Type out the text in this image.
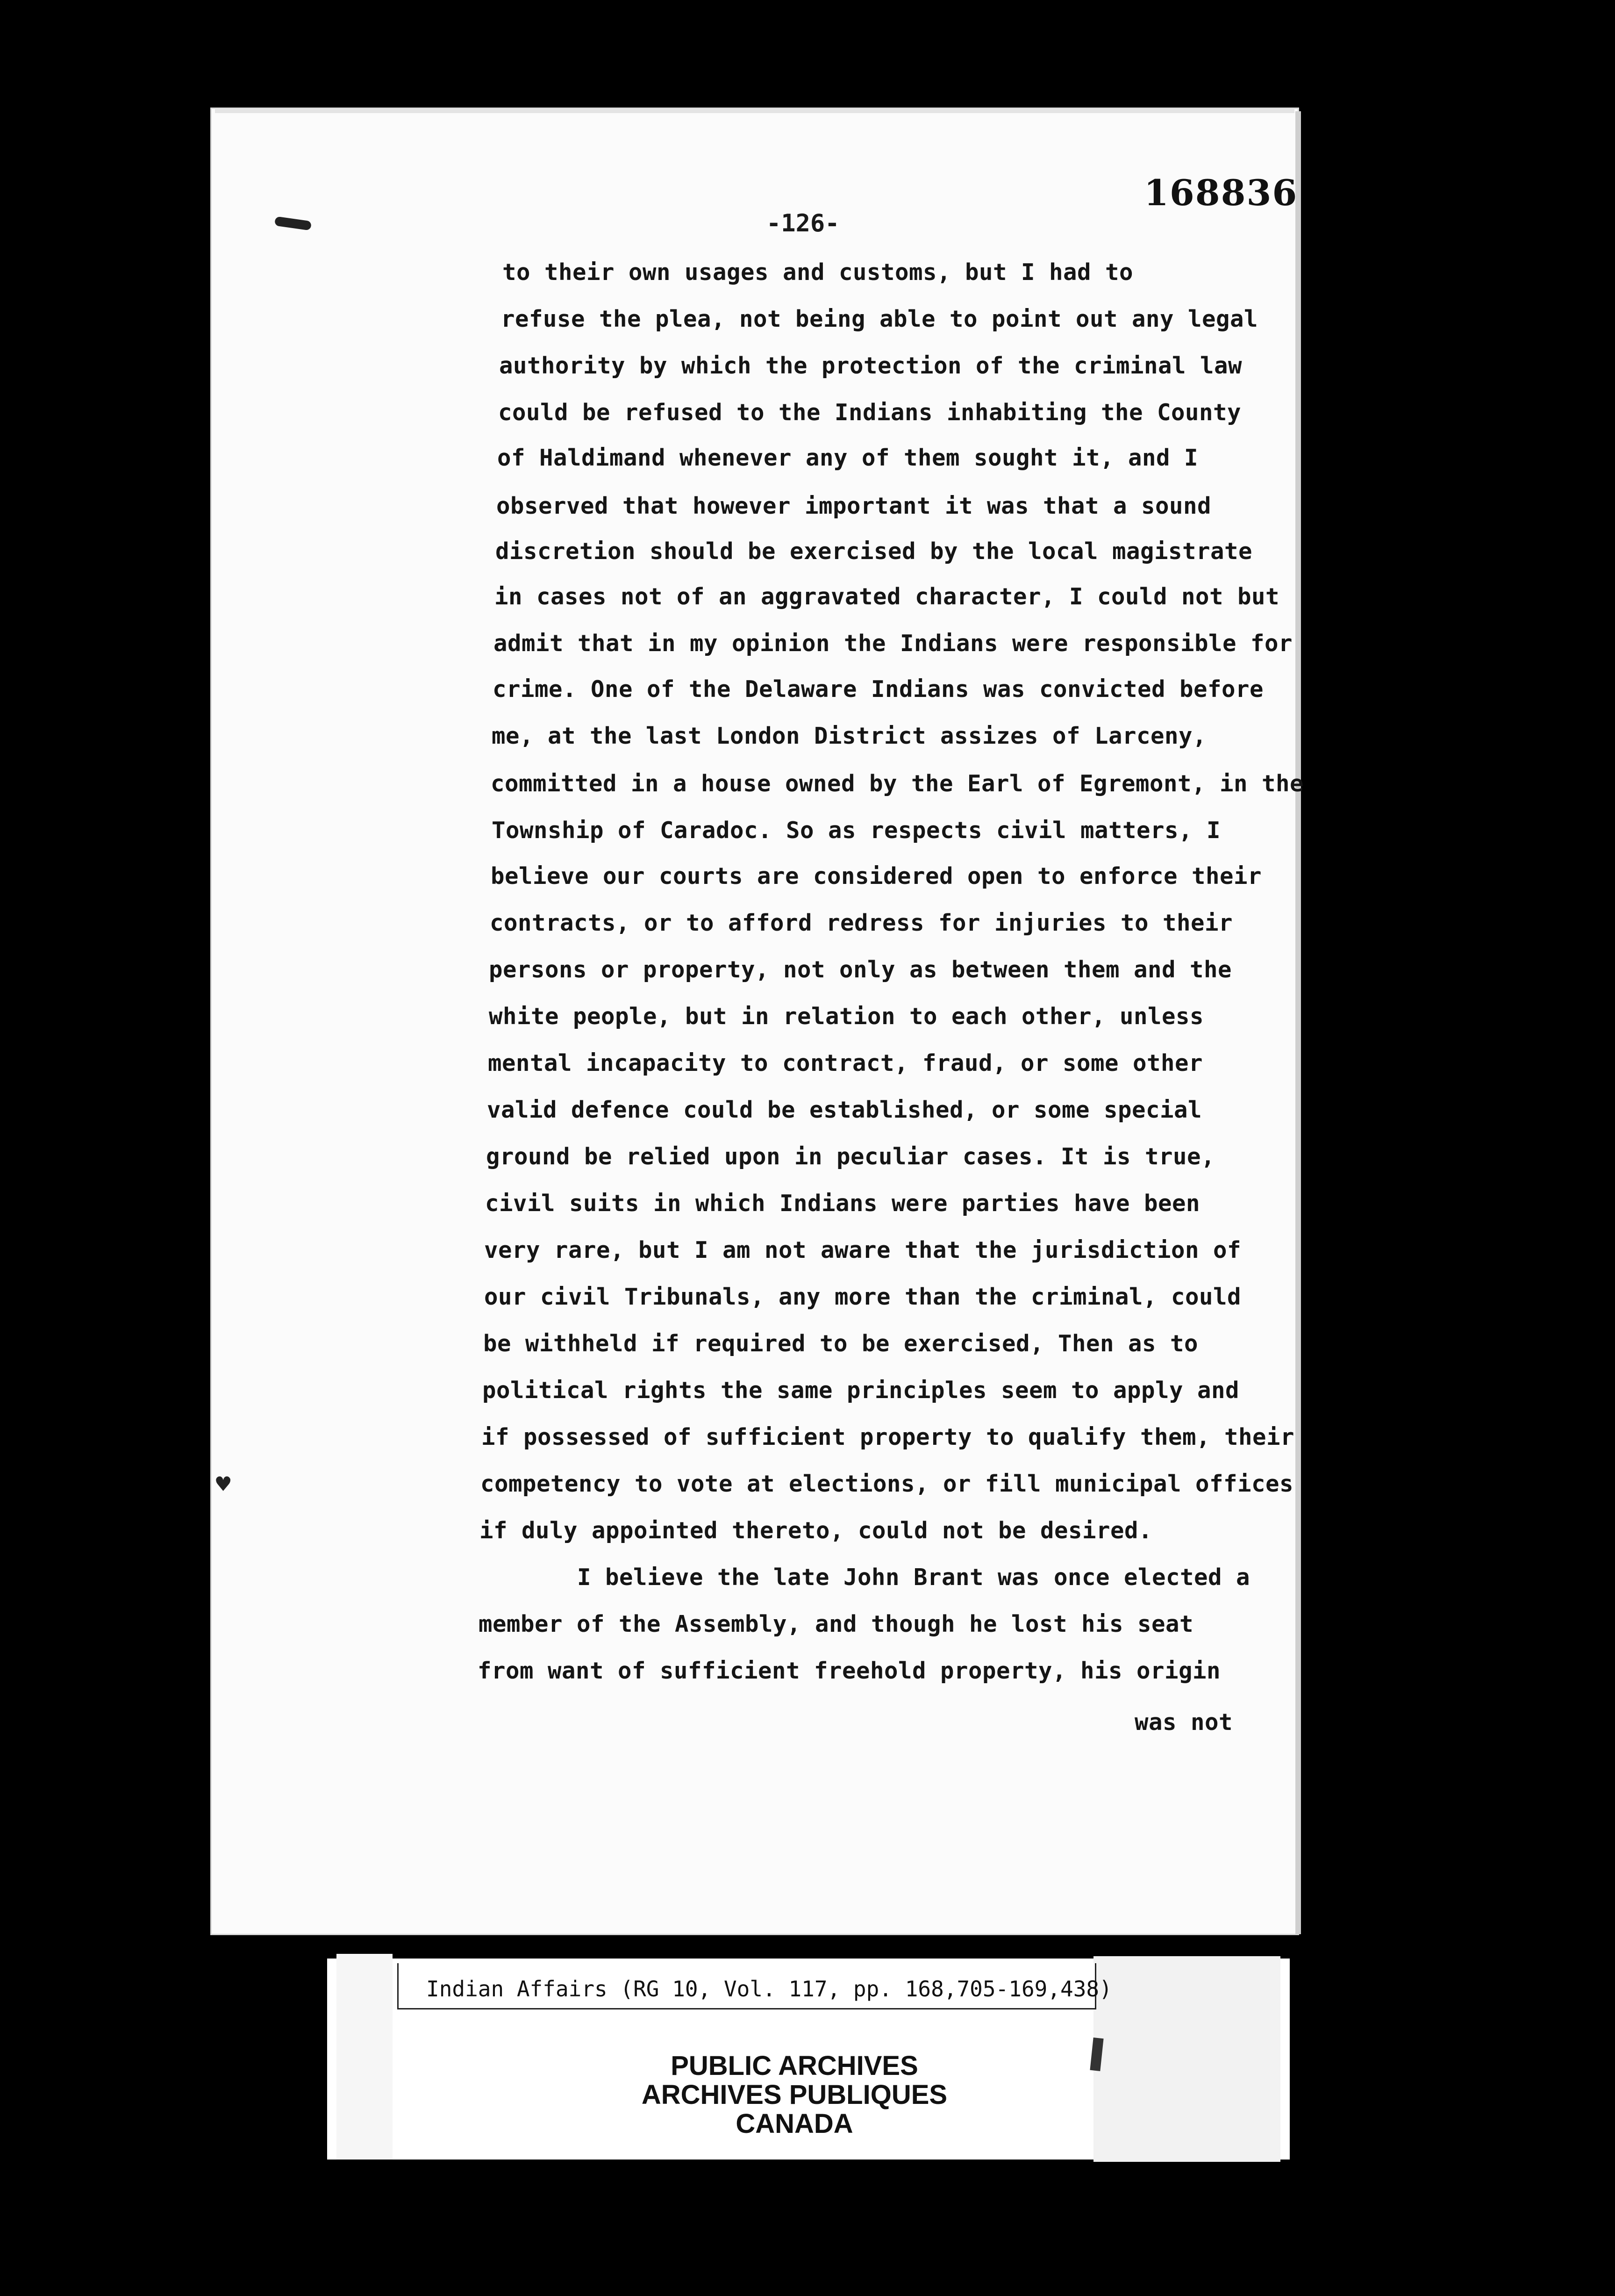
168836
-126-
♥
to their own usages and customs, but I had to
refuse the plea, not being able to point out any legal
authority by which the protection of the criminal law
could be refused to the Indians inhabiting the County
of Haldimand whenever any of them sought it, and I
observed that however important it was that a sound
discretion should be exercised by the local magistrate
in cases not of an aggravated character, I could not but
admit that in my opinion the Indians were responsible for
crime. One of the Delaware Indians was convicted before
me, at the last London District assizes of Larceny,
committed in a house owned by the Earl of Egremont, in the
Township of Caradoc. So as respects civil matters, I
believe our courts are considered open to enforce their
contracts, or to afford redress for injuries to their
persons or property, not only as between them and the
white people, but in relation to each other, unless
mental incapacity to contract, fraud, or some other
valid defence could be established, or some special
ground be relied upon in peculiar cases. It is true,
civil suits in which Indians were parties have been
very rare, but I am not aware that the jurisdiction of
our civil Tribunals, any more than the criminal, could
be withheld if required to be exercised, Then as to
political rights the same principles seem to apply and
if possessed of sufficient property to qualify them, their
competency to vote at elections, or fill municipal offices
if duly appointed thereto, could not be desired.
I believe the late John Brant was once elected a
member of the Assembly, and though he lost his seat
from want of sufficient freehold property, his origin
was not
Indian Affairs (RG 10, Vol. 117, pp. 168,705-169,438)
PUBLIC ARCHIVES
ARCHIVES PUBLIQUES
CANADA
